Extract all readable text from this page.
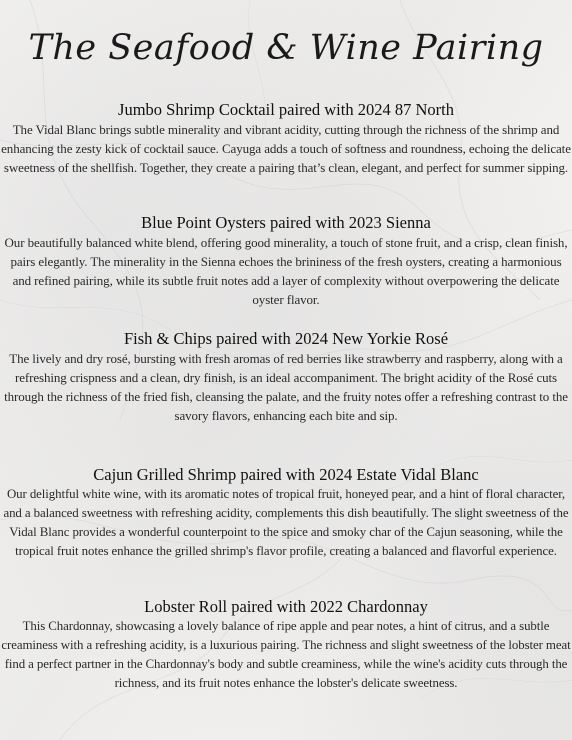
The Seafood & Wine Pairing

Jumbo Shrimp Cocktail paired with 2024 87 North

The Vidal Blanc brings subtle minerality and vibrant acidity, cutting through the richness of the shrimp and enhancing the zesty kick of cocktail sauce. Cayuga adds a touch of softness and roundness, echoing the delicate sweetness of the shellfish. Together, they create a pairing that’s clean, elegant, and perfect for summer sipping.

Blue Point Oysters paired with 2023 Sienna

Our beautifully balanced white blend, offering good minerality, a touch of stone fruit, and a crisp, clean finish, pairs elegantly. The minerality in the Sienna echoes the brininess of the fresh oysters, creating a harmonious and refined pairing, while its subtle fruit notes add a layer of complexity without overpowering the delicate oyster flavor.

Fish & Chips paired with 2024 New Yorkie Rosé

The lively and dry rosé, bursting with fresh aromas of red berries like strawberry and raspberry, along with a refreshing crispness and a clean, dry finish, is an ideal accompaniment. The bright acidity of the Rosé cuts through the richness of the fried fish, cleansing the palate, and the fruity notes offer a refreshing contrast to the savory flavors, enhancing each bite and sip.

Cajun Grilled Shrimp paired with 2024 Estate Vidal Blanc

Our delightful white wine, with its aromatic notes of tropical fruit, honeyed pear, and a hint of floral character, and a balanced sweetness with refreshing acidity, complements this dish beautifully. The slight sweetness of the Vidal Blanc provides a wonderful counterpoint to the spice and smoky char of the Cajun seasoning, while the tropical fruit notes enhance the grilled shrimp's flavor profile, creating a balanced and flavorful experience.

Lobster Roll paired with 2022 Chardonnay

This Chardonnay, showcasing a lovely balance of ripe apple and pear notes, a hint of citrus, and a subtle creaminess with a refreshing acidity, is a luxurious pairing. The richness and slight sweetness of the lobster meat find a perfect partner in the Chardonnay's body and subtle creaminess, while the wine's acidity cuts through the richness, and its fruit notes enhance the lobster's delicate sweetness.
